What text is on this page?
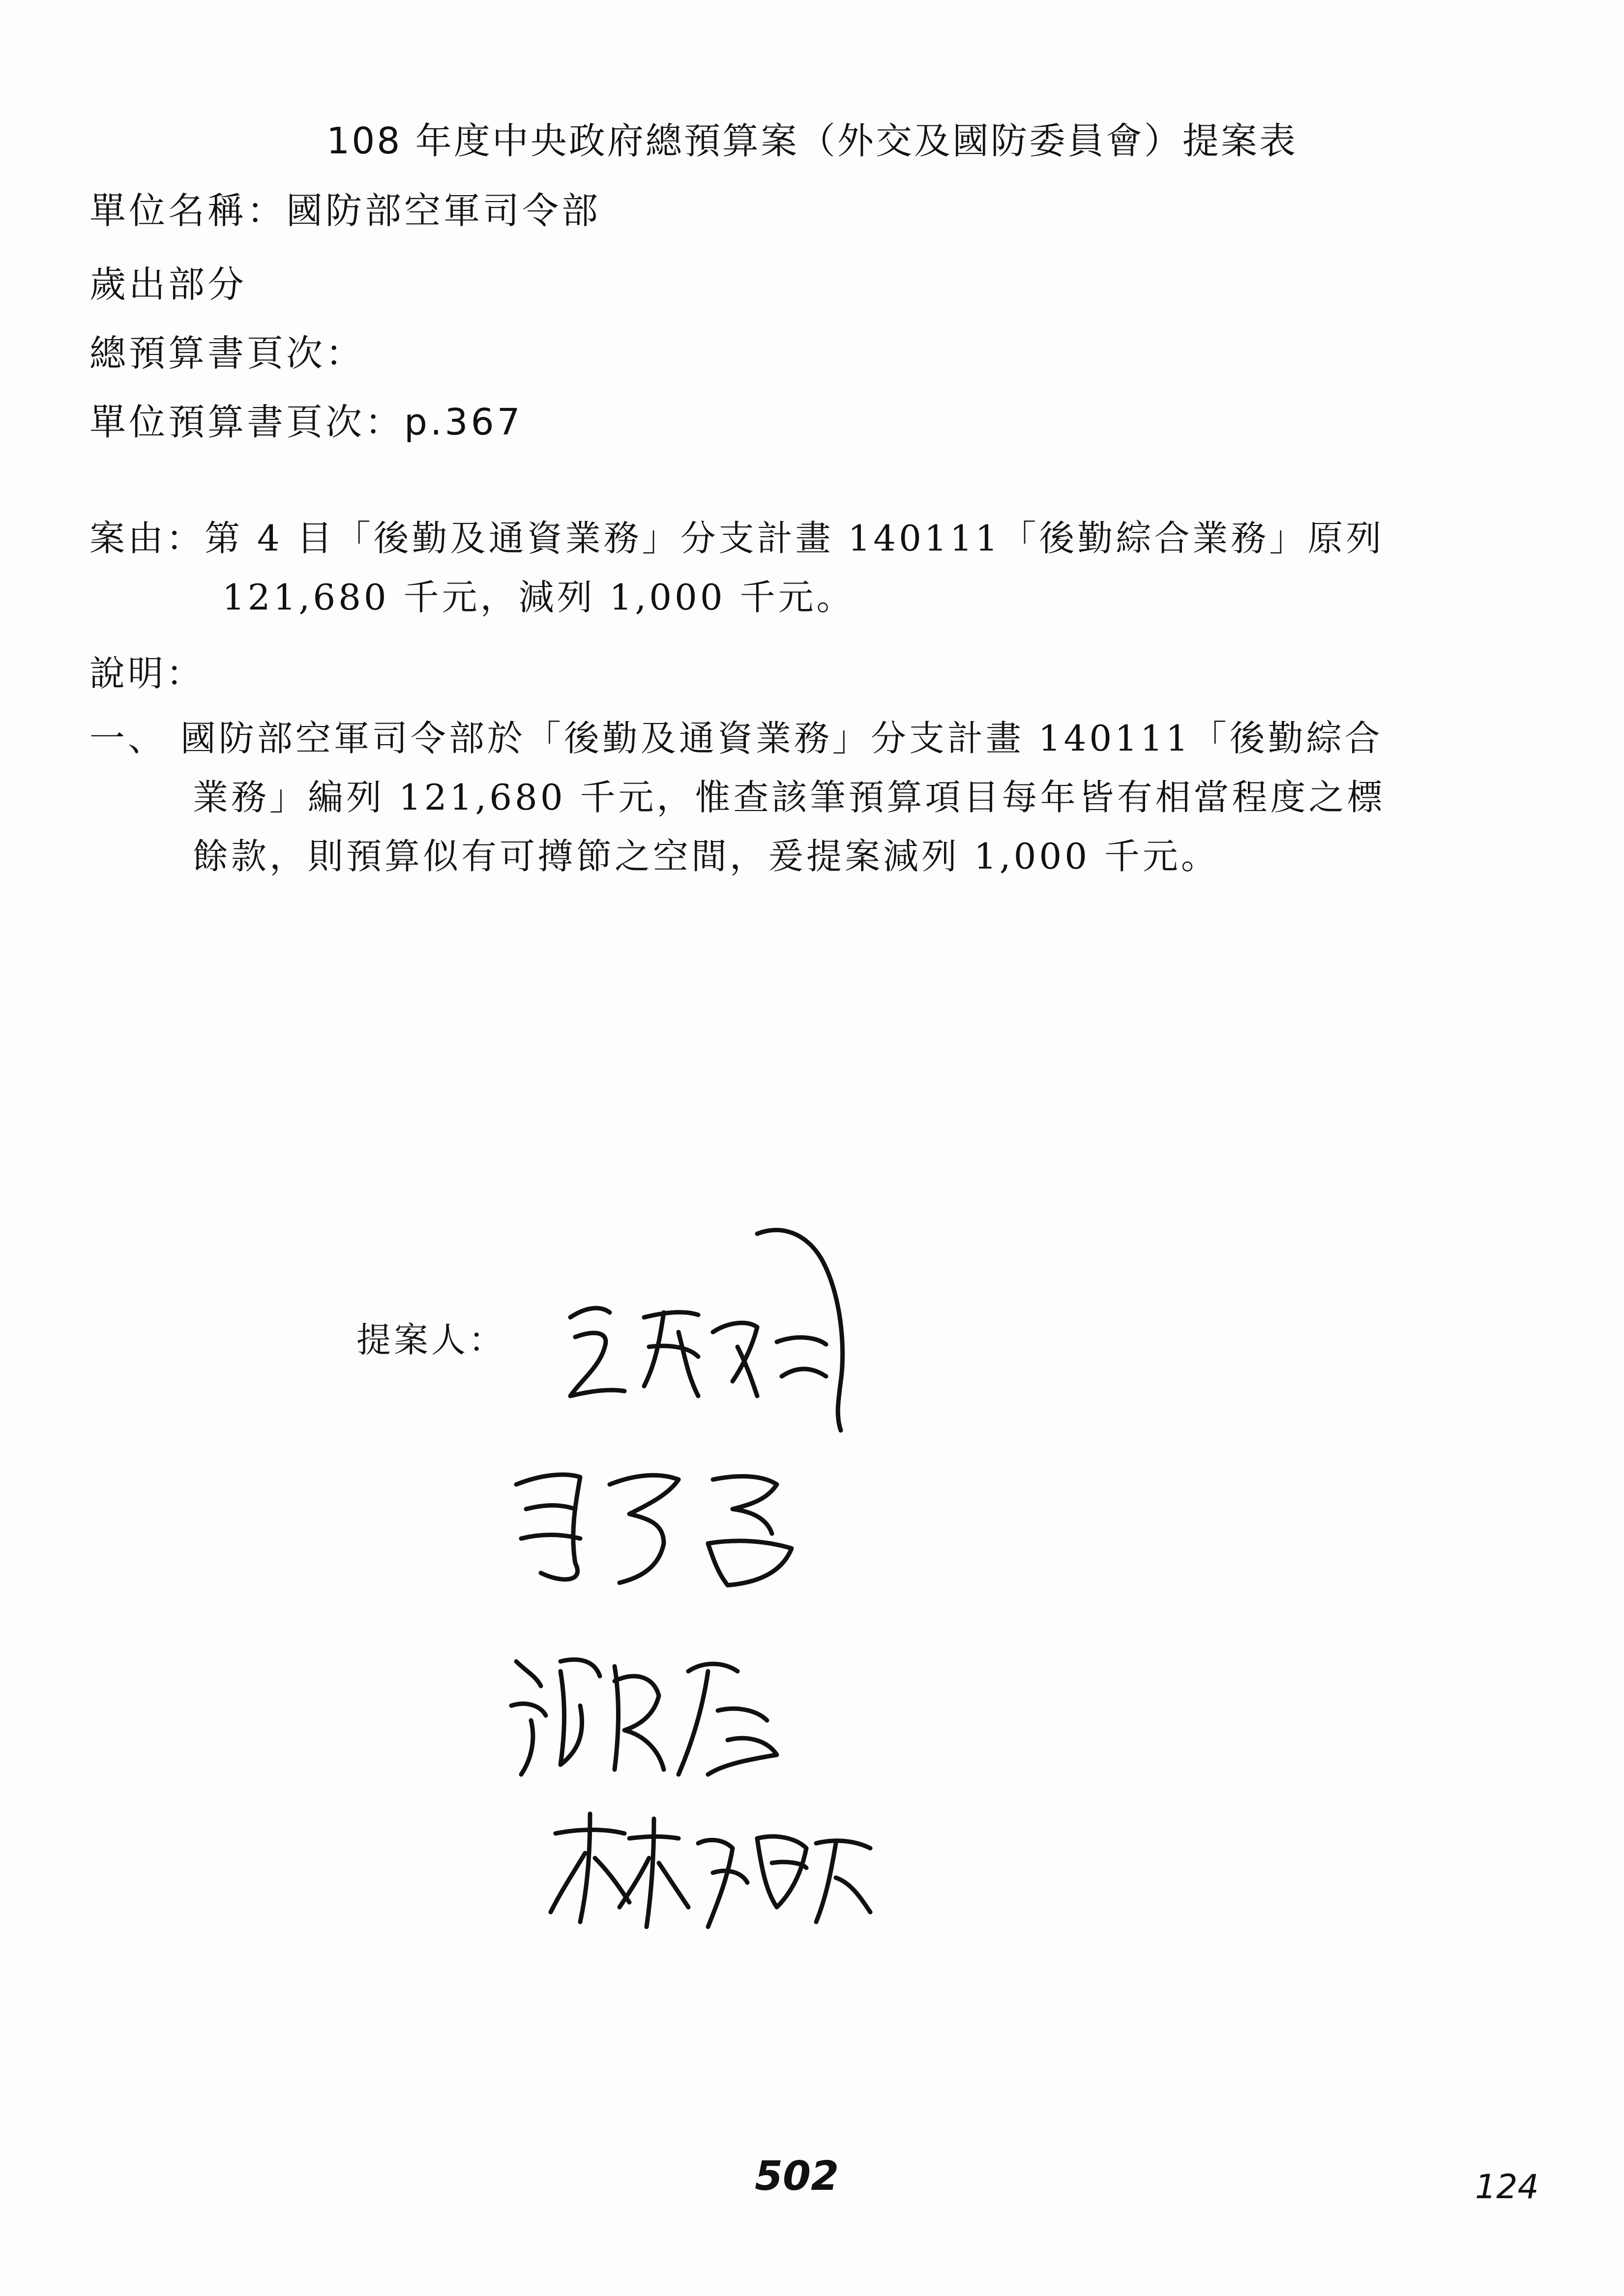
108 年度中央政府總預算案（外交及國防委員會）提案表
單位名稱：國防部空軍司令部
歲出部分
總預算書頁次：
單位預算書頁次：p.367
案由：第 4 目「後勤及通資業務」分支計畫 140111「後勤綜合業務」原列
121,680 千元，減列 1,000 千元。
說明：
一、 國防部空軍司令部於「後勤及通資業務」分支計畫 140111「後勤綜合
業務」編列 121,680 千元，惟查該筆預算項目每年皆有相當程度之標
餘款，則預算似有可撙節之空間，爰提案減列 1,000 千元。
提案人：
502	124
